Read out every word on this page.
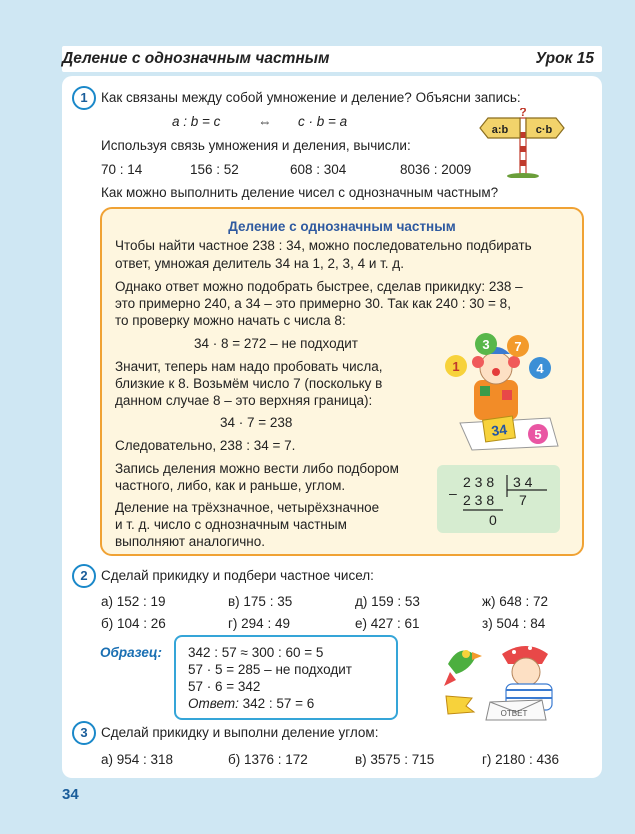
Деление с однозначным частным	Урок 15
1 Как связаны между собой умножение и деление? Объясни запись:
a : b = c	⇔ c · b = a
Используя связь умножения и деления, вычисли:
70 : 14	156 : 52	608 : 304	8036 : 2009
Как можно выполнить деление чисел с однозначным частным?
a:b
?
c·b
Деление с однозначным частным
Чтобы найти частное 238 : 34, можно последовательно подбирать
ответ, умножая делитель 34 на 1, 2, 3, 4 и т. д.
Однако ответ можно подобрать быстрее, сделав прикидку: 238 –
это примерно 240, а 34 – это примерно 30. Так как 240 : 30 = 8,
то проверку можно начать с числа 8:
34 · 8 = 272 – не подходит
Значит, теперь нам надо пробовать числа,
близкие к 8. Возьмём число 7 (поскольку в
данном случае 8 – это верхняя граница):
34 · 7 = 238
Следовательно, 238 : 34 = 7.
Запись деления можно вести либо подбором
частного, либо, как и раньше, углом.
Деление на трёхзначное, четырёхзначное
и т. д. число с однозначным частным
выполняют аналогично.
1
3 7
4
34 5
–
2 3 8 3 4
2 3 8 7
0
2 Сделай прикидку и подбери частное чисел:
а) 152 : 19	в) 175 : 35	д) 159 : 53	ж) 648 : 72
б) 104 : 26	г) 294 : 49	е) 427 : 61	з) 504 : 84
Образец: 342 : 57 ≈ 300 : 60 = 5
57 · 5 = 285 – не подходит
57 · 6 = 342
Ответ: 342 : 57 = 6
ОТВЕТ
3 Сделай прикидку и выполни деление углом:
а) 954 : 318	б) 1376 : 172	в) 3575 : 715	г) 2180 : 436
34
